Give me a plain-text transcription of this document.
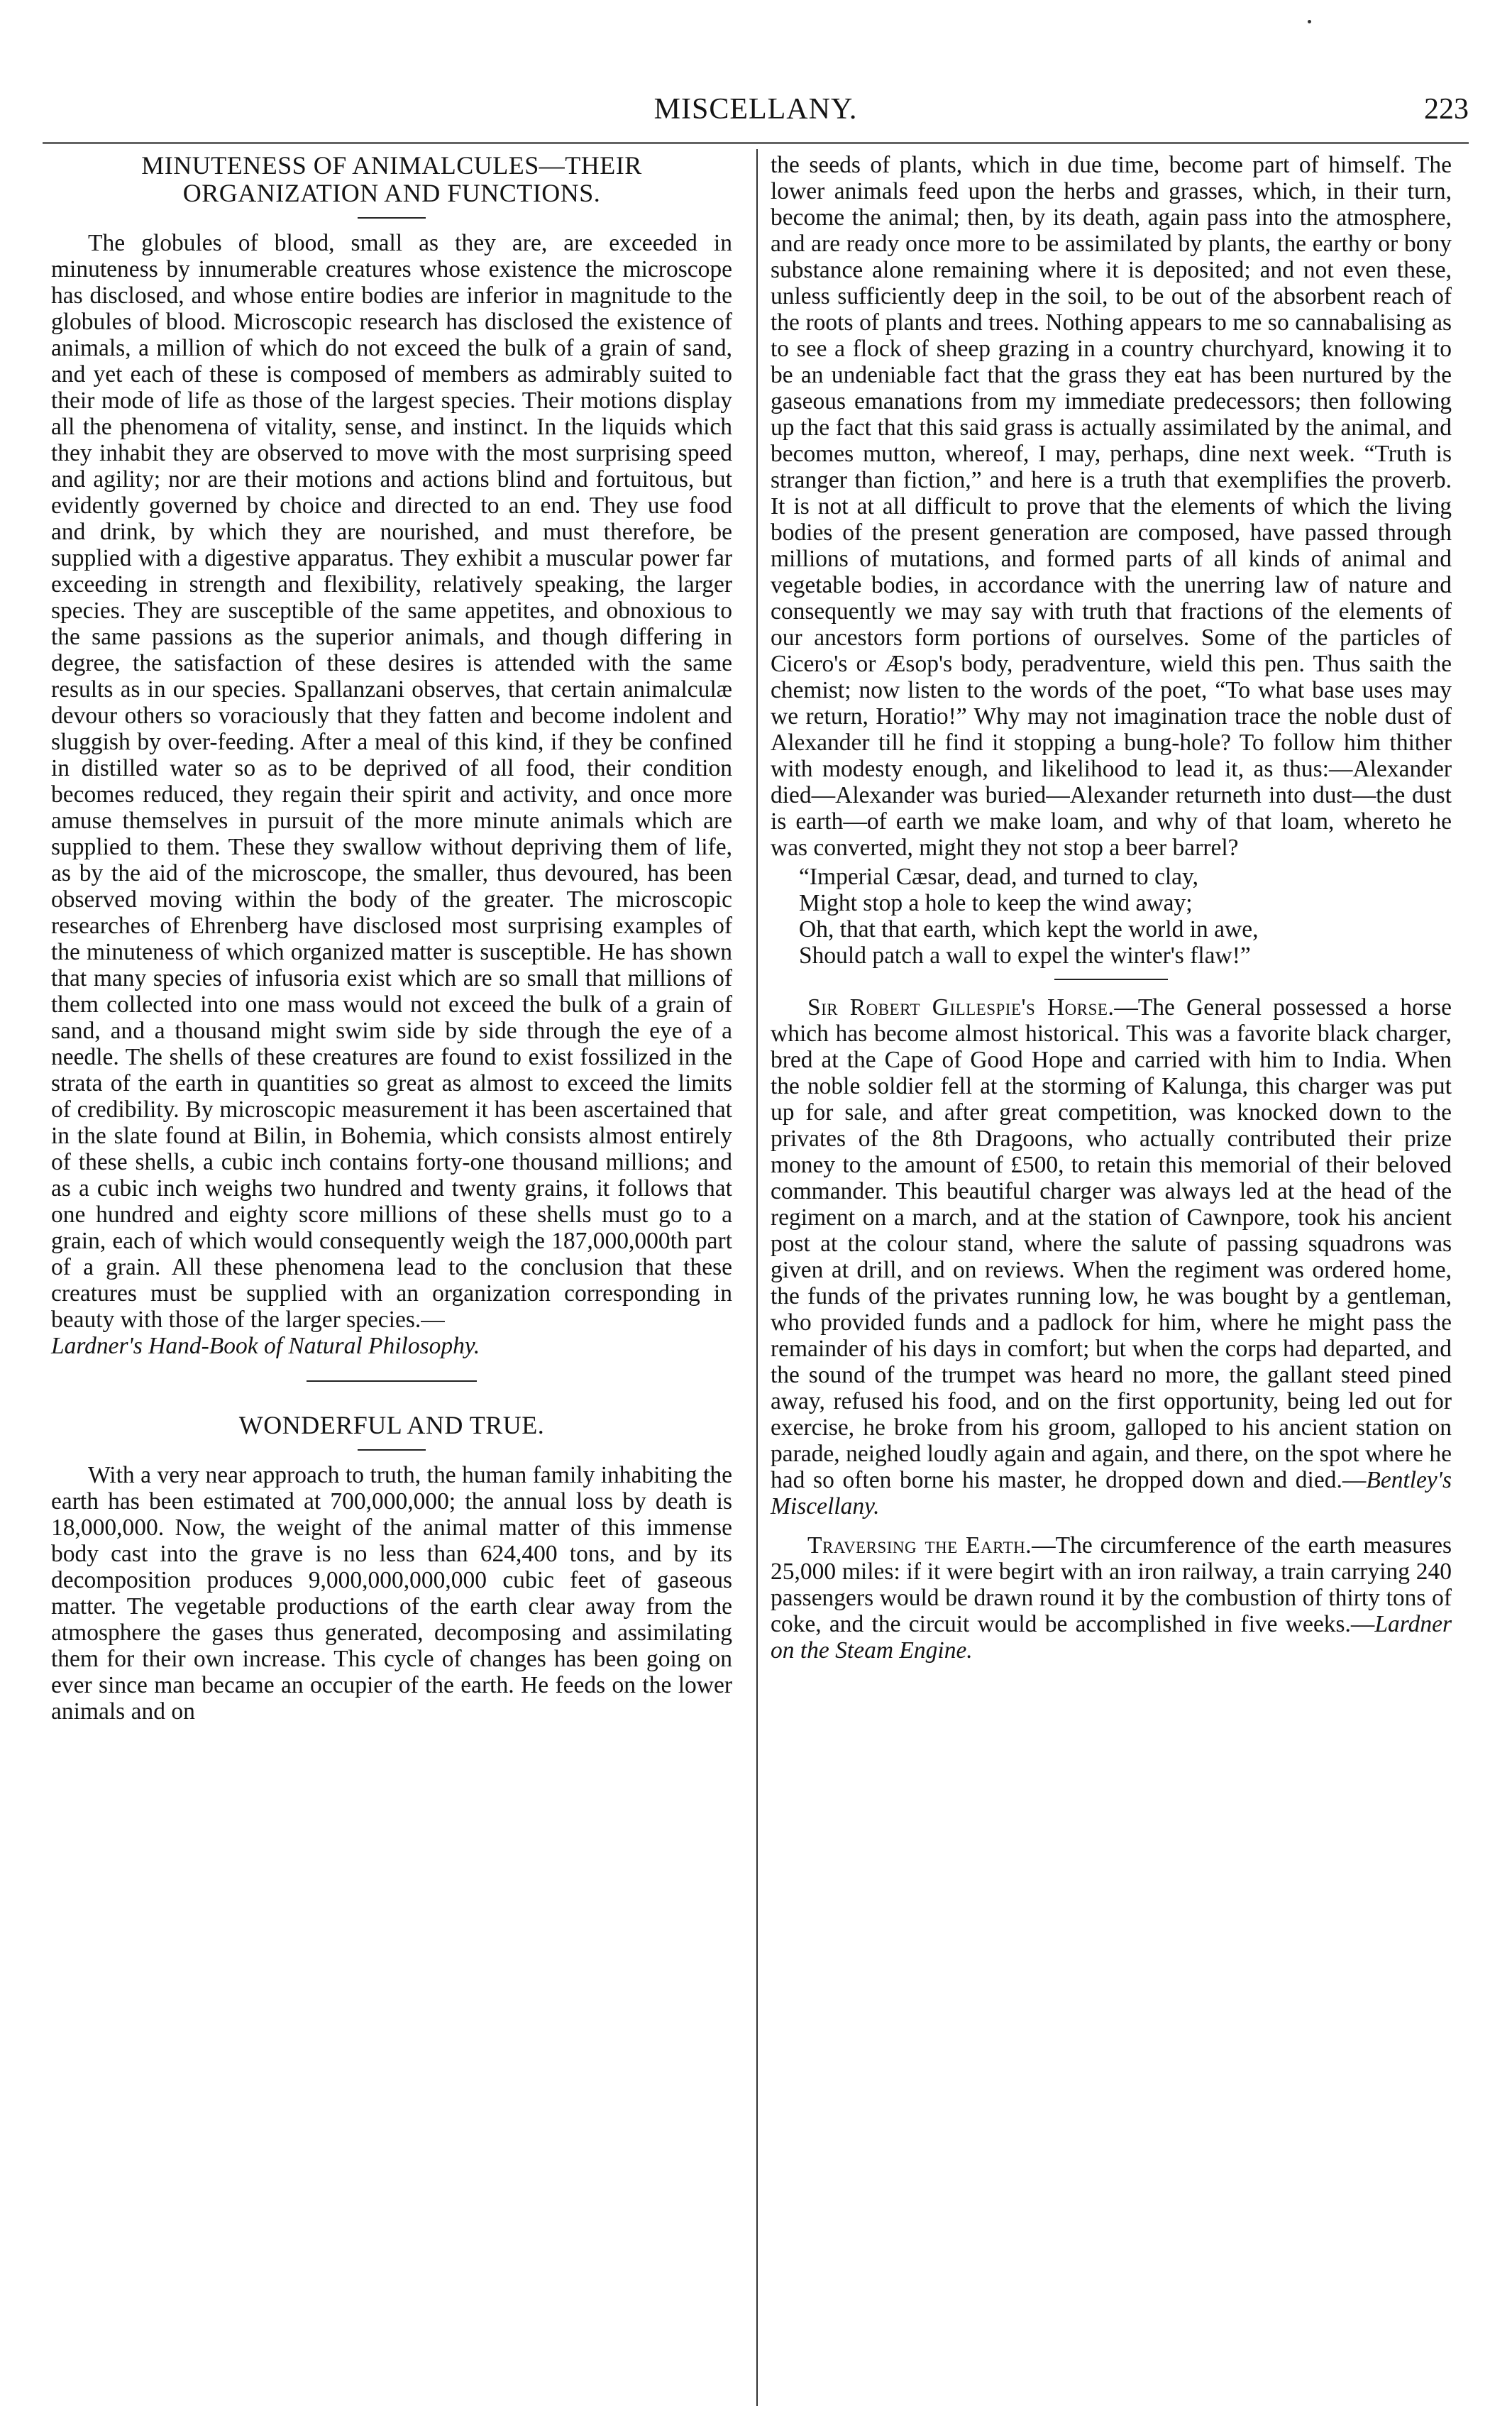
MISCELLANY.	223
MINUTENESS OF ANIMALCULES—THEIR ORGANIZATION AND FUNCTIONS.

The globules of blood, small as they are, are exceeded in minuteness by innumerable creatures whose existence the microscope has disclosed, and whose entire bodies are inferior in magnitude to the globules of blood. Microscopic research has disclosed the existence of animals, a million of which do not exceed the bulk of a grain of sand, and yet each of these is composed of members as admirably suited to their mode of life as those of the largest species. Their motions display all the phenomena of vitality, sense, and instinct. In the liquids which they inhabit they are observed to move with the most surprising speed and agility; nor are their motions and actions blind and fortuitous, but evidently governed by choice and directed to an end. They use food and drink, by which they are nourished, and must therefore, be supplied with a digestive apparatus. They exhibit a muscular power far exceeding in strength and flexibility, relatively speaking, the larger species. They are susceptible of the same appetites, and obnoxious to the same passions as the superior animals, and though differing in degree, the satisfaction of these desires is attended with the same results as in our species. Spallanzani observes, that certain animalculæ devour others so voraciously that they fatten and become indolent and sluggish by over-feeding. After a meal of this kind, if they be confined in distilled water so as to be deprived of all food, their condition becomes reduced, they regain their spirit and activity, and once more amuse themselves in pursuit of the more minute animals which are supplied to them. These they swallow without depriving them of life, as by the aid of the microscope, the smaller, thus devoured, has been observed moving within the body of the greater. The microscopic researches of Ehrenberg have disclosed most surprising examples of the minuteness of which organized matter is susceptible. He has shown that many species of infusoria exist which are so small that millions of them collected into one mass would not exceed the bulk of a grain of sand, and a thousand might swim side by side through the eye of a needle. The shells of these creatures are found to exist fossilized in the strata of the earth in quantities so great as almost to exceed the limits of credibility. By microscopic measurement it has been ascertained that in the slate found at Bilin, in Bohemia, which consists almost entirely of these shells, a cubic inch contains forty-one thousand millions; and as a cubic inch weighs two hundred and twenty grains, it follows that one hundred and eighty score millions of these shells must go to a grain, each of which would consequently weigh the 187,000,000th part of a grain. All these phenomena lead to the conclusion that these creatures must be supplied with an organization corresponding in beauty with those of the larger species.—
Lardner's Hand-Book of Natural Philosophy.

WONDERFUL AND TRUE.

With a very near approach to truth, the human family inhabiting the earth has been estimated at 700,000,000; the annual loss by death is 18,000,000. Now, the weight of the animal matter of this immense body cast into the grave is no less than 624,400 tons, and by its decomposition produces 9,000,000,000,000 cubic feet of gaseous matter. The vegetable productions of the earth clear away from the atmosphere the gases thus generated, decomposing and assimilating them for their own increase. This cycle of changes has been going on ever since man became an occupier of the earth. He feeds on the lower animals and on

the seeds of plants, which in due time, become part of himself. The lower animals feed upon the herbs and grasses, which, in their turn, become the animal; then, by its death, again pass into the atmosphere, and are ready once more to be assimilated by plants, the earthy or bony substance alone remaining where it is deposited; and not even these, unless sufficiently deep in the soil, to be out of the absorbent reach of the roots of plants and trees. Nothing appears to me so cannabalising as to see a flock of sheep grazing in a country churchyard, knowing it to be an undeniable fact that the grass they eat has been nurtured by the gaseous emanations from my immediate predecessors; then following up the fact that this said grass is actually assimilated by the animal, and becomes mutton, whereof, I may, perhaps, dine next week. “Truth is stranger than fiction,” and here is a truth that exemplifies the proverb. It is not at all difficult to prove that the elements of which the living bodies of the present generation are composed, have passed through millions of mutations, and formed parts of all kinds of animal and vegetable bodies, in accordance with the unerring law of nature and consequently we may say with truth that fractions of the elements of our ancestors form portions of ourselves. Some of the particles of Cicero's or Æsop's body, peradventure, wield this pen. Thus saith the chemist; now listen to the words of the poet, “To what base uses may we return, Horatio!” Why may not imagination trace the noble dust of Alexander till he find it stopping a bung-hole? To follow him thither with modesty enough, and likelihood to lead it, as thus:—Alexander died—Alexander was buried—Alexander returneth into dust—the dust is earth—of earth we make loam, and why of that loam, whereto he was converted, might they not stop a beer barrel?

“Imperial Cæsar, dead, and turned to clay,
Might stop a hole to keep the wind away;
Oh, that that earth, which kept the world in awe,
Should patch a wall to expel the winter's flaw!”

Sir Robert Gillespie's Horse.—The General possessed a horse which has become almost historical. This was a favorite black charger, bred at the Cape of Good Hope and carried with him to India. When the noble soldier fell at the storming of Kalunga, this charger was put up for sale, and after great competition, was knocked down to the privates of the 8th Dragoons, who actually contributed their prize money to the amount of £500, to retain this memorial of their beloved commander. This beautiful charger was always led at the head of the regiment on a march, and at the station of Cawnpore, took his ancient post at the colour stand, where the salute of passing squadrons was given at drill, and on reviews. When the regiment was ordered home, the funds of the privates running low, he was bought by a gentleman, who provided funds and a padlock for him, where he might pass the remainder of his days in comfort; but when the corps had departed, and the sound of the trumpet was heard no more, the gallant steed pined away, refused his food, and on the first opportunity, being led out for exercise, he broke from his groom, galloped to his ancient station on parade, neighed loudly again and again, and there, on the spot where he had so often borne his master, he dropped down and died.—Bentley's Miscellany.

Traversing the Earth.—The circumference of the earth measures 25,000 miles: if it were begirt with an iron railway, a train carrying 240 passengers would be drawn round it by the combustion of thirty tons of coke, and the circuit would be accomplished in five weeks.—Lardner on the Steam Engine.
